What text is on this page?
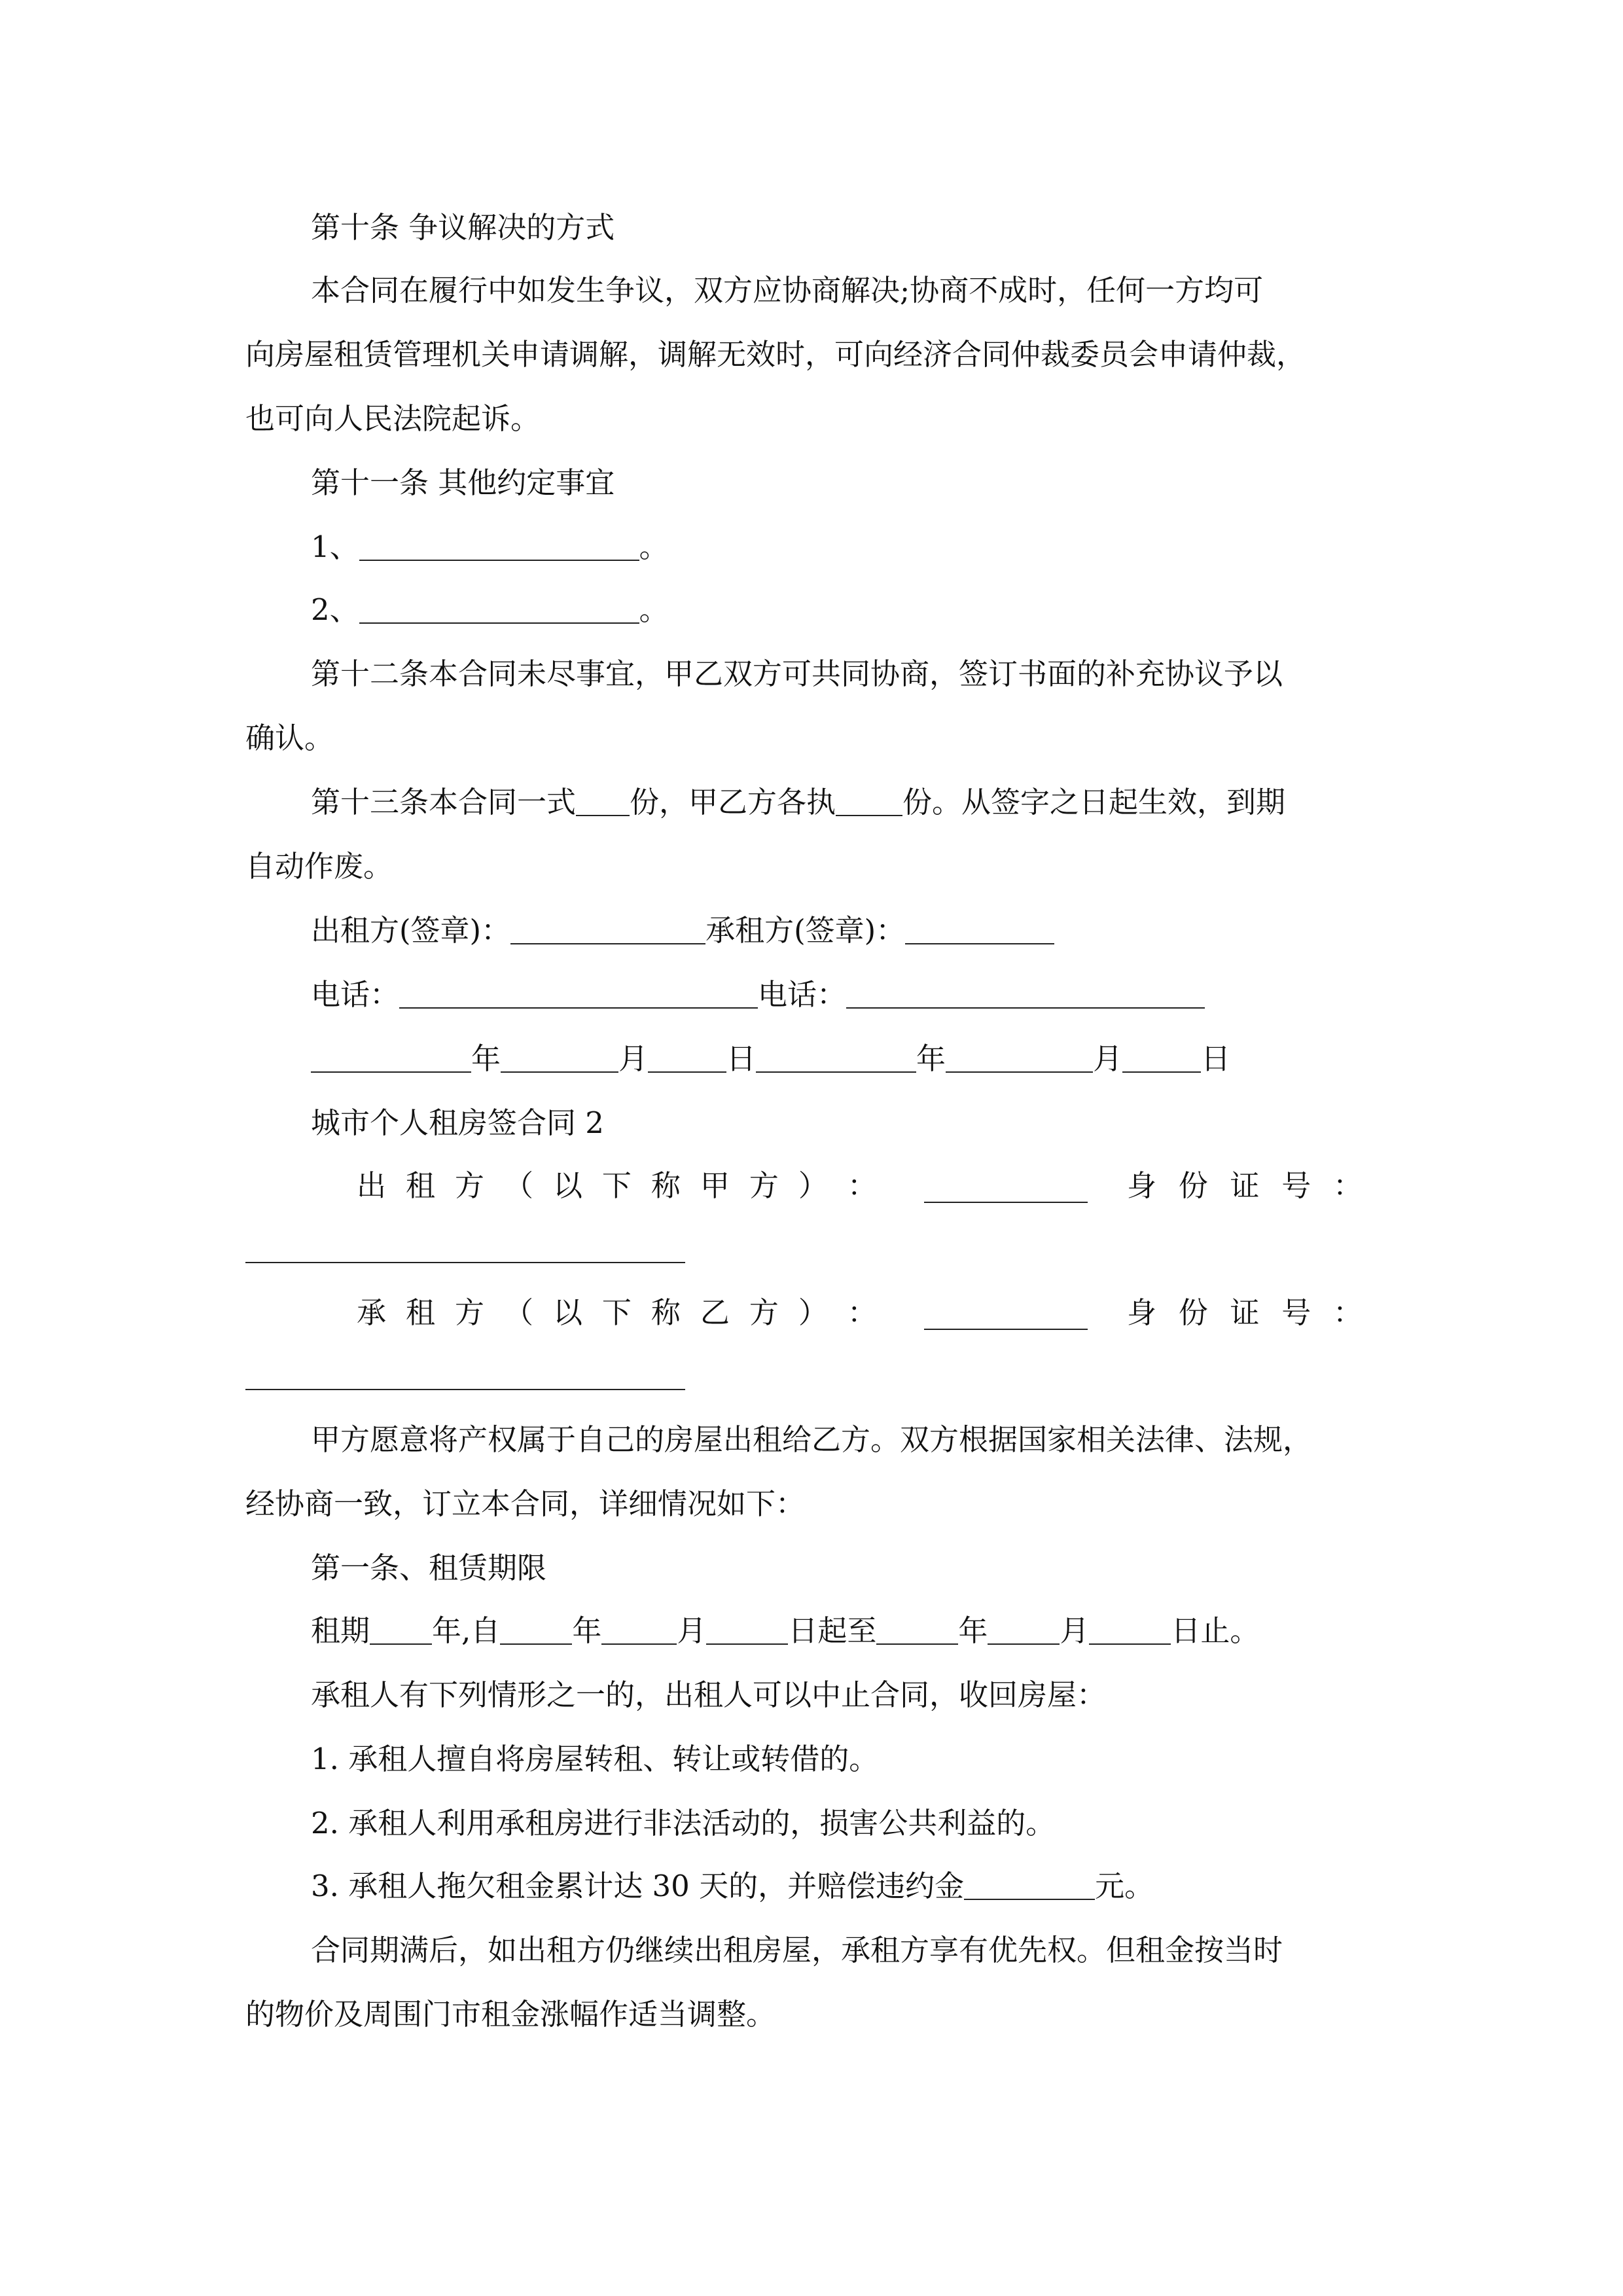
第十条 争议解决的方式
本合同在履行中如发生争议，双方应协商解决;协商不成时，任何一方均可
向房屋租赁管理机关申请调解，调解无效时，可向经济合同仲裁委员会申请仲裁，
也可向人民法院起诉。
第十一条 其他约定事宜
1、	。
2、	。
第十二条本合同未尽事宜，甲乙双方可共同协商，签订书面的补充协议予以
确认。
第十三条本合同一式 份，甲乙方各执 份。从签字之日起生效，到期
自动作废。
出租方(签章)：	承租方(签章)：
电话：	电话：
年	月	日	年	月	日
城市个人租房签合同 2
出 租 方 （ 以 下 称 甲 方 ） ：	身 份 证 号 ：
承 租 方 （ 以 下 称 乙 方 ） ：	身 份 证 号 ：
甲方愿意将产权属于自己的房屋出租给乙方。双方根据国家相关法律、法规，
经协商一致，订立本合同，详细情况如下：
第一条、租赁期限
租期 年,自 年	月	日起至	年 月	日止。
承租人有下列情形之一的，出租人可以中止合同，收回房屋：
1. 承租人擅自将房屋转租、转让或转借的。
2. 承租人利用承租房进行非法活动的，损害公共利益的。
3. 承租人拖欠租金累计达 30 天的，并赔偿违约金	元。
合同期满后，如出租方仍继续出租房屋，承租方享有优先权。但租金按当时
的物价及周围门市租金涨幅作适当调整。
